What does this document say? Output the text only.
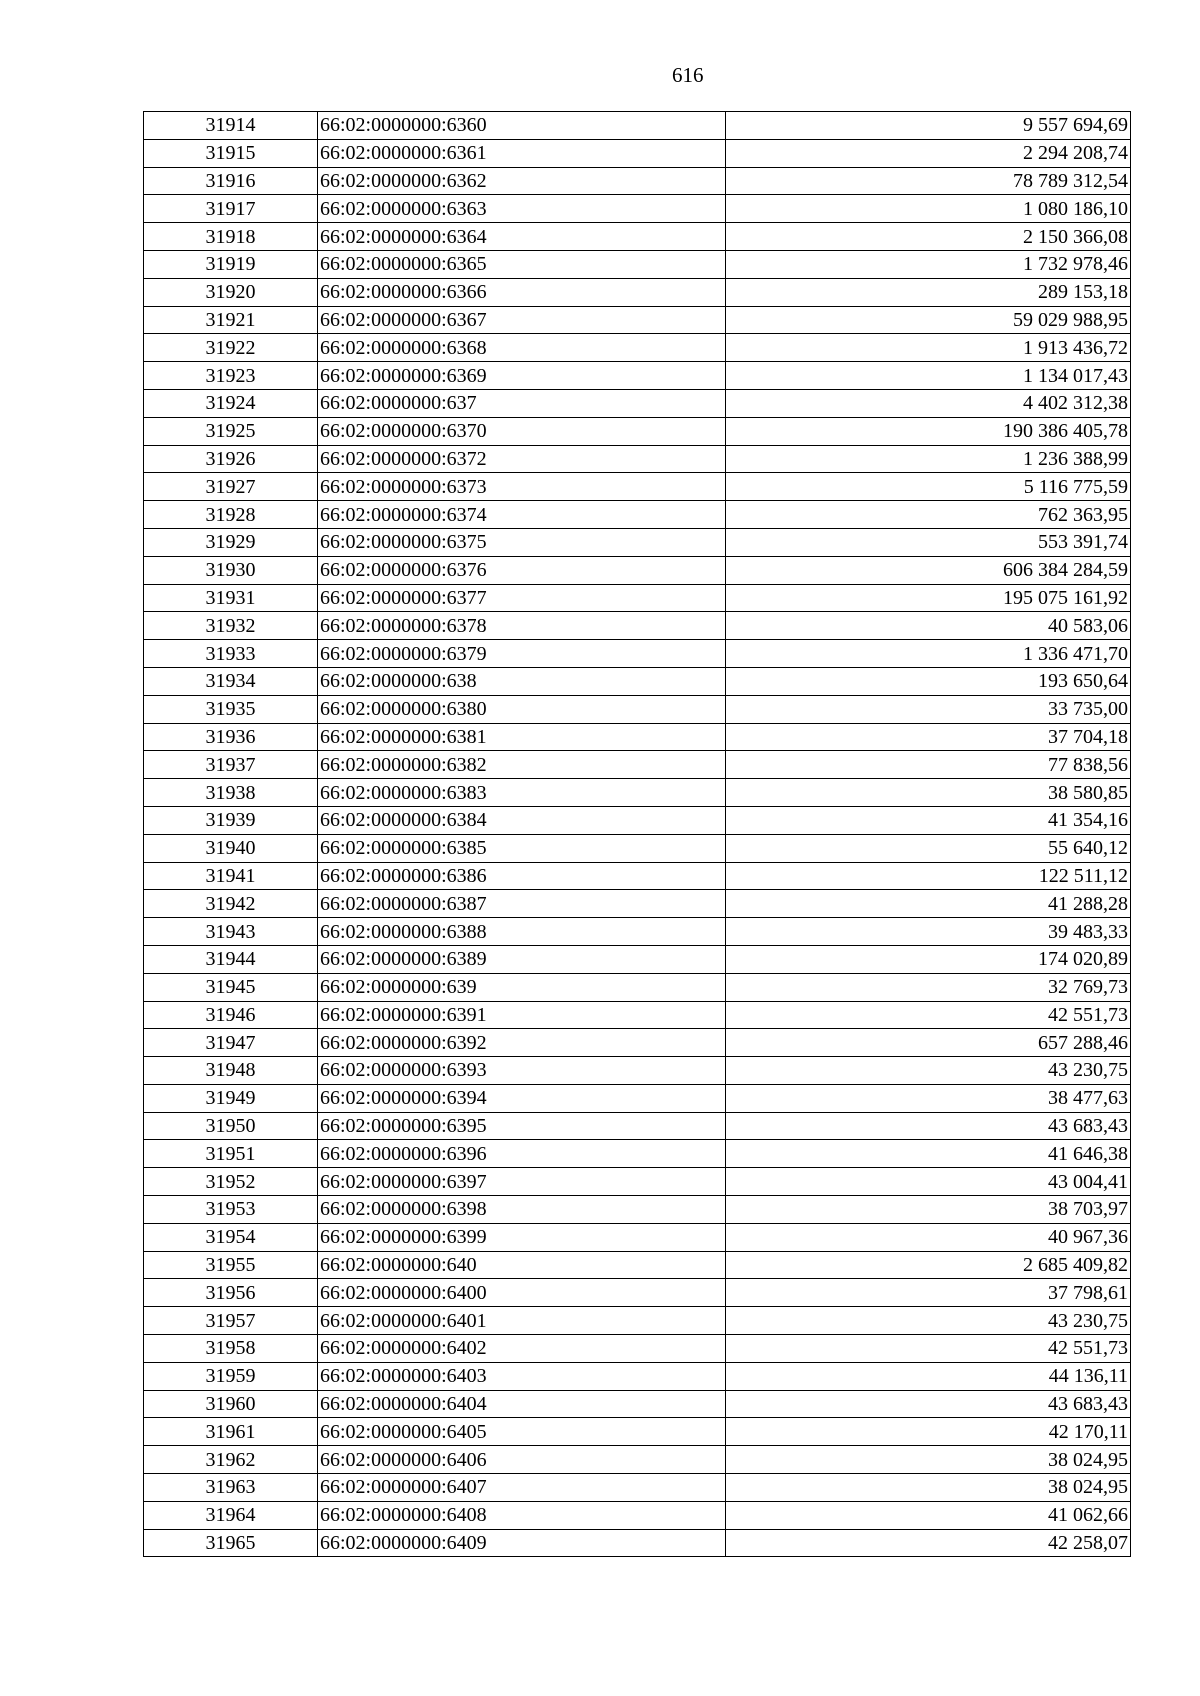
616
31914	66:02:0000000:6360	9 557 694,69
31915	66:02:0000000:6361	2 294 208,74
31916	66:02:0000000:6362	78 789 312,54
31917	66:02:0000000:6363	1 080 186,10
31918	66:02:0000000:6364	2 150 366,08
31919	66:02:0000000:6365	1 732 978,46
31920	66:02:0000000:6366	289 153,18
31921	66:02:0000000:6367	59 029 988,95
31922	66:02:0000000:6368	1 913 436,72
31923	66:02:0000000:6369	1 134 017,43
31924	66:02:0000000:637	4 402 312,38
31925	66:02:0000000:6370	190 386 405,78
31926	66:02:0000000:6372	1 236 388,99
31927	66:02:0000000:6373	5 116 775,59
31928	66:02:0000000:6374	762 363,95
31929	66:02:0000000:6375	553 391,74
31930	66:02:0000000:6376	606 384 284,59
31931	66:02:0000000:6377	195 075 161,92
31932	66:02:0000000:6378	40 583,06
31933	66:02:0000000:6379	1 336 471,70
31934	66:02:0000000:638	193 650,64
31935	66:02:0000000:6380	33 735,00
31936	66:02:0000000:6381	37 704,18
31937	66:02:0000000:6382	77 838,56
31938	66:02:0000000:6383	38 580,85
31939	66:02:0000000:6384	41 354,16
31940	66:02:0000000:6385	55 640,12
31941	66:02:0000000:6386	122 511,12
31942	66:02:0000000:6387	41 288,28
31943	66:02:0000000:6388	39 483,33
31944	66:02:0000000:6389	174 020,89
31945	66:02:0000000:639	32 769,73
31946	66:02:0000000:6391	42 551,73
31947	66:02:0000000:6392	657 288,46
31948	66:02:0000000:6393	43 230,75
31949	66:02:0000000:6394	38 477,63
31950	66:02:0000000:6395	43 683,43
31951	66:02:0000000:6396	41 646,38
31952	66:02:0000000:6397	43 004,41
31953	66:02:0000000:6398	38 703,97
31954	66:02:0000000:6399	40 967,36
31955	66:02:0000000:640	2 685 409,82
31956	66:02:0000000:6400	37 798,61
31957	66:02:0000000:6401	43 230,75
31958	66:02:0000000:6402	42 551,73
31959	66:02:0000000:6403	44 136,11
31960	66:02:0000000:6404	43 683,43
31961	66:02:0000000:6405	42 170,11
31962	66:02:0000000:6406	38 024,95
31963	66:02:0000000:6407	38 024,95
31964	66:02:0000000:6408	41 062,66
31965	66:02:0000000:6409	42 258,07
